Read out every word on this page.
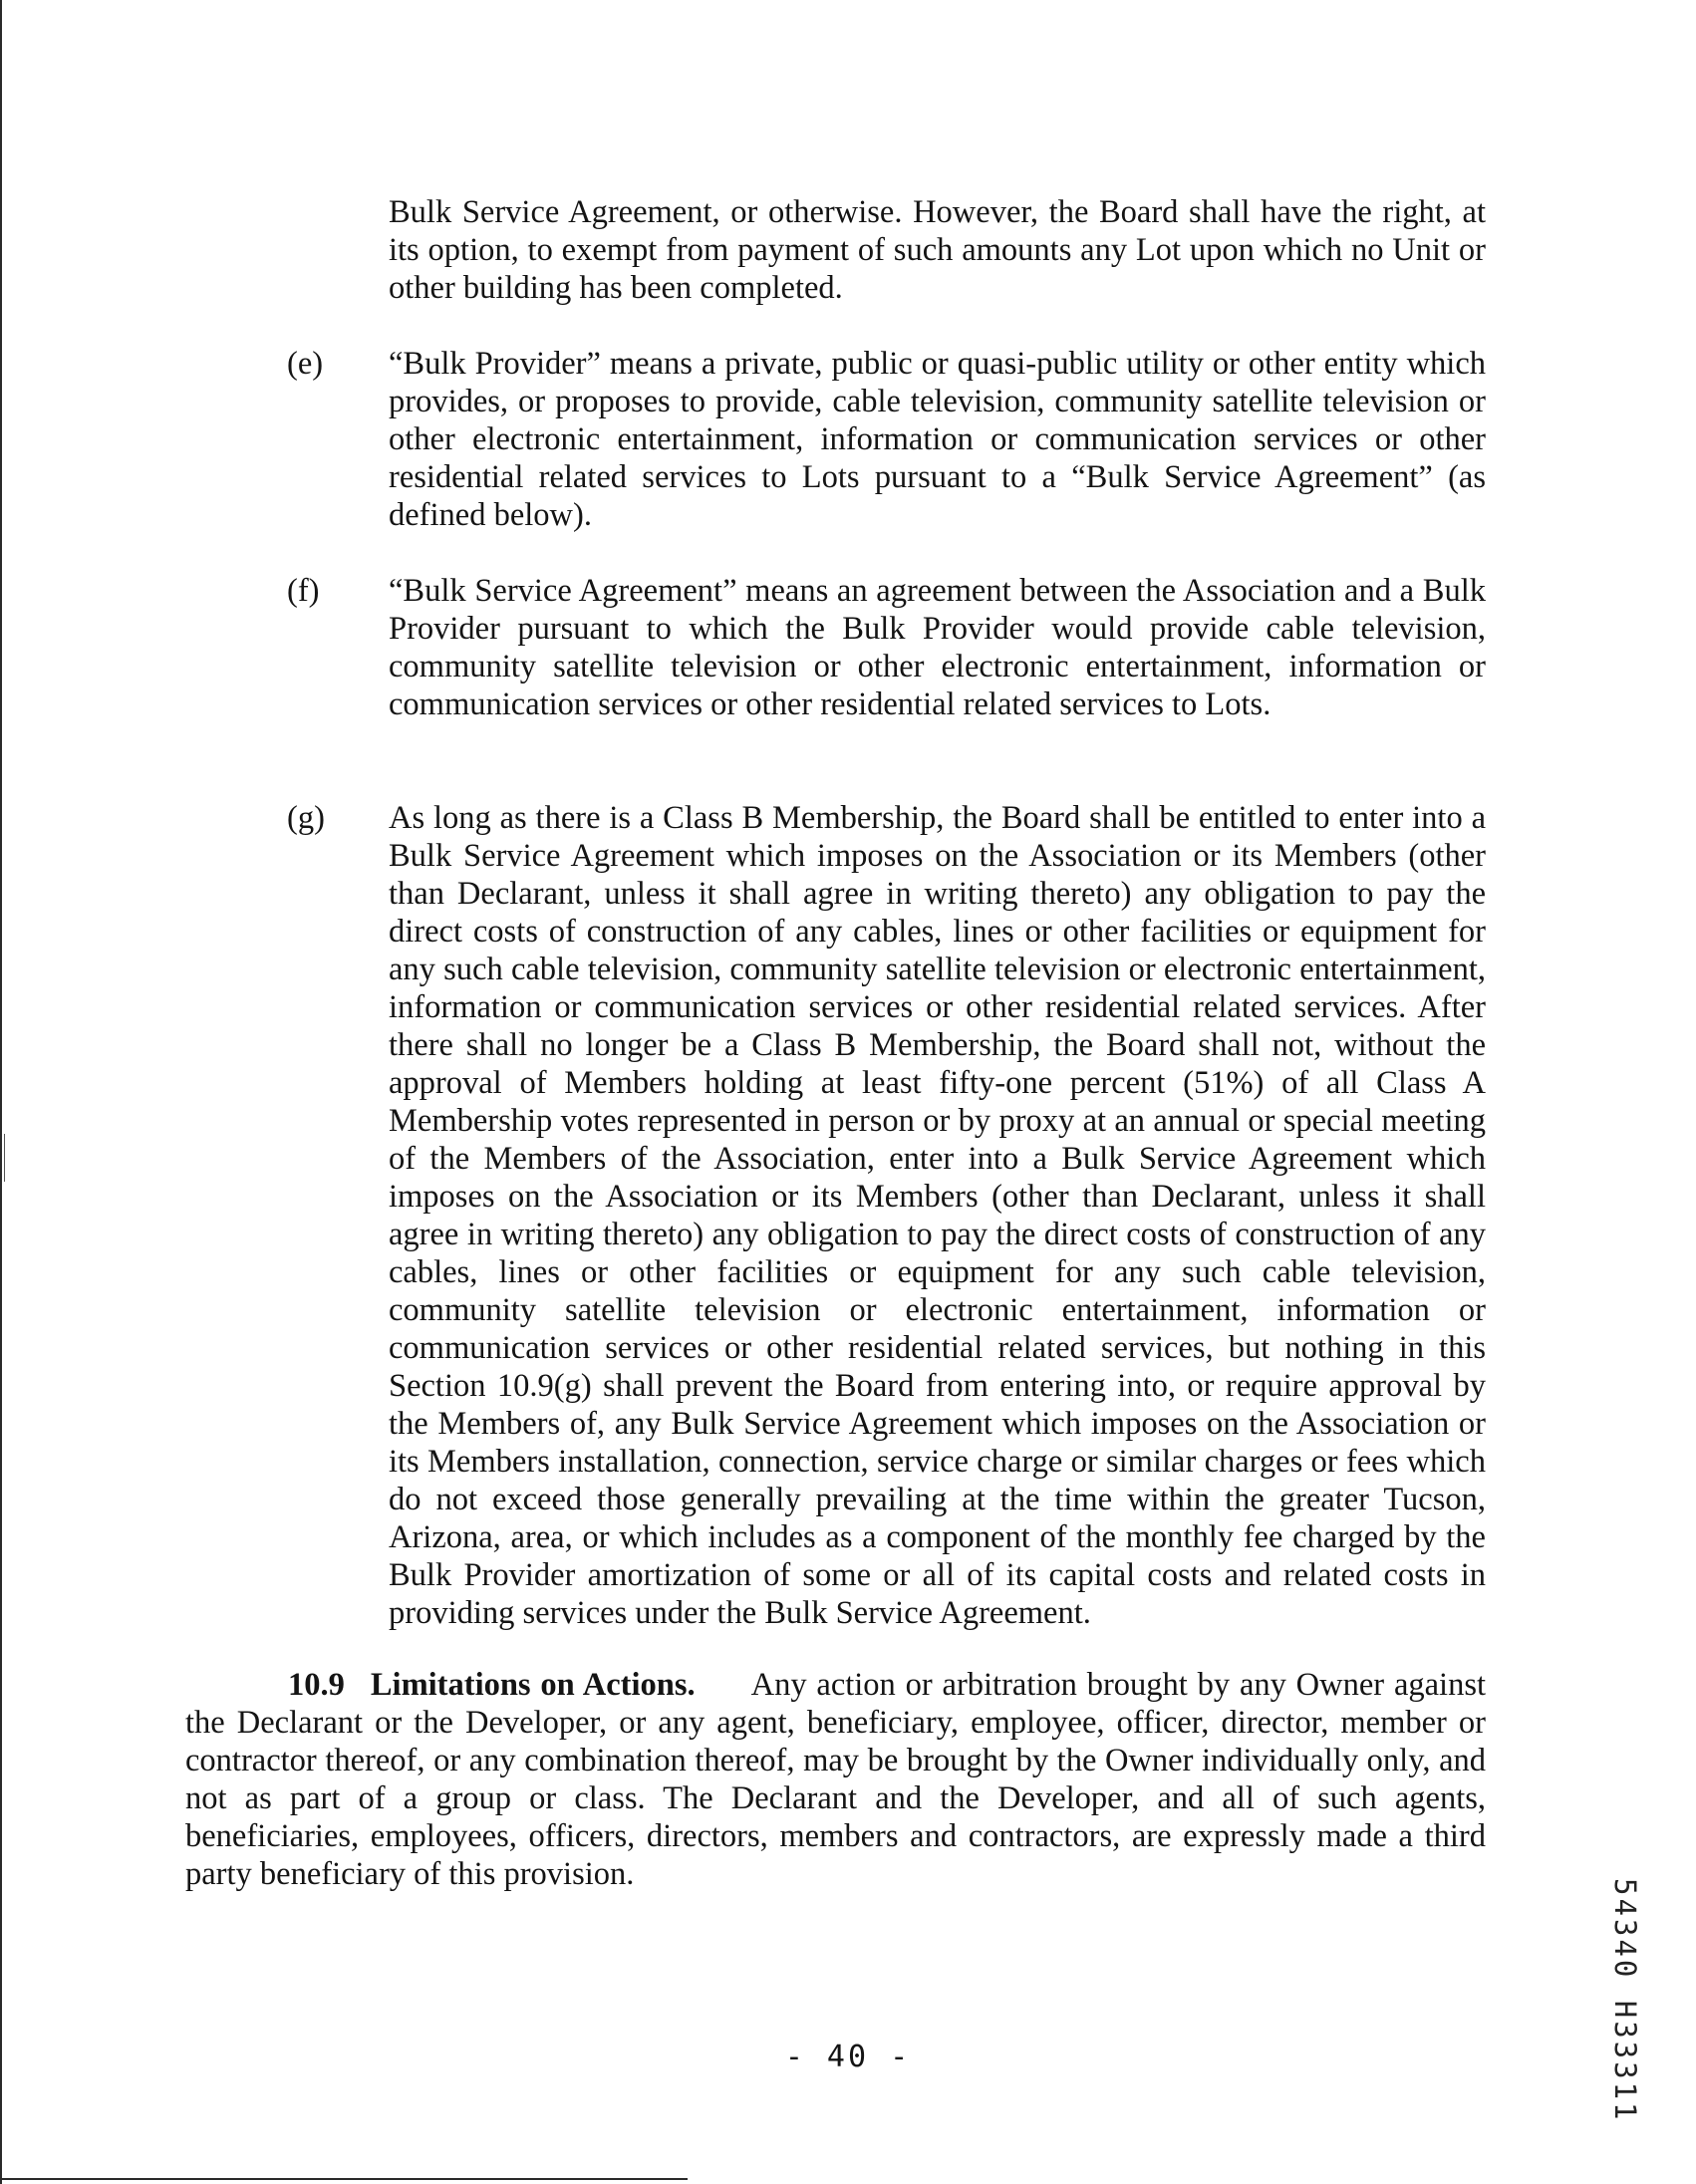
Bulk Service Agreement, or otherwise. However, the Board shall have the right, at its option, to exempt from payment of such amounts any Lot upon which no Unit or other building has been completed.
(e) “Bulk Provider” means a private, public or quasi-public utility or other entity which provides, or proposes to provide, cable television, community satellite television or other electronic entertainment, information or communication services or other residential related services to Lots pursuant to a “Bulk Service Agreement” (as defined below).
(f) “Bulk Service Agreement” means an agreement between the Association and a Bulk Provider pursuant to which the Bulk Provider would provide cable television, community satellite television or other electronic entertainment, information or communication services or other residential related services to Lots.
(g) As long as there is a Class B Membership, the Board shall be entitled to enter into a Bulk Service Agreement which imposes on the Association or its Members (other than Declarant, unless it shall agree in writing thereto) any obligation to pay the direct costs of construction of any cables, lines or other facilities or equipment for any such cable television, community satellite television or electronic entertainment, information or communication services or other residential related services. After there shall no longer be a Class B Membership, the Board shall not, without the approval of Members holding at least fifty-one percent (51%) of all Class A Membership votes represented in person or by proxy at an annual or special meeting of the Members of the Association, enter into a Bulk Service Agreement which imposes on the Association or its Members (other than Declarant, unless it shall agree in writing thereto) any obligation to pay the direct costs of construction of any cables, lines or other facilities or equipment for any such cable television, community satellite television or electronic entertainment, information or communication services or other residential related services, but nothing in this Section 10.9(g) shall prevent the Board from entering into, or require approval by the Members of, any Bulk Service Agreement which imposes on the Association or its Members installation, connection, service charge or similar charges or fees which do not exceed those generally prevailing at the time within the greater Tucson, Arizona, area, or which includes as a component of the monthly fee charged by the Bulk Provider amortization of some or all of its capital costs and related costs in providing services under the Bulk Service Agreement.
10.9 Limitations on Actions. Any action or arbitration brought by any Owner against the Declarant or the Developer, or any agent, beneficiary, employee, officer, director, member or contractor thereof, or any combination thereof, may be brought by the Owner individually only, and not as part of a group or class. The Declarant and the Developer, and all of such agents, beneficiaries, employees, officers, directors, members and contractors, are expressly made a third party beneficiary of this provision.
- 40 -	54340 H33311
